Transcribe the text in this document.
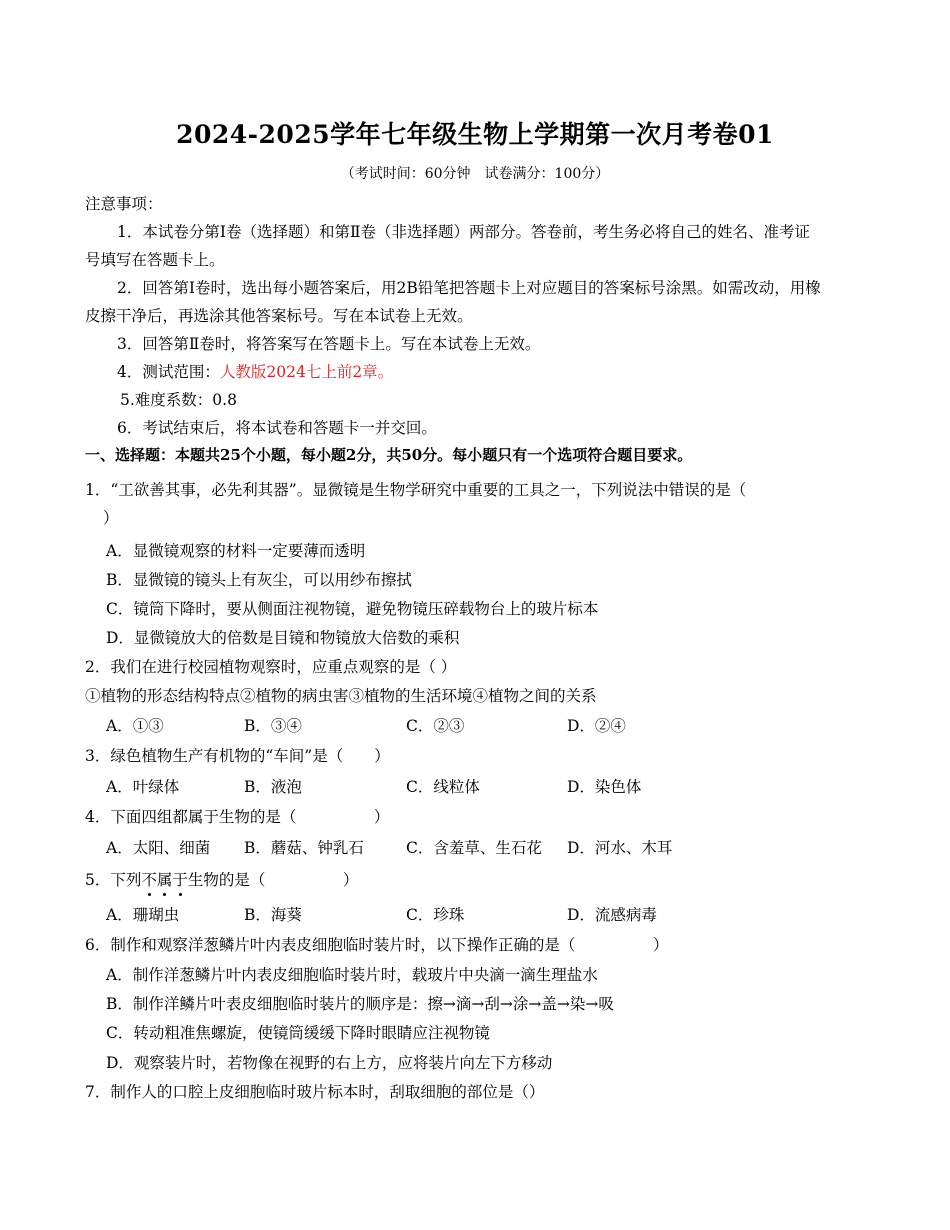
2024-2025学年七年级生物上学期第一次月考卷01
（考试时间：60分钟　试卷满分：100分）
注意事项：
1．本试卷分第Ⅰ卷（选择题）和第Ⅱ卷（非选择题）两部分。答卷前，考生务必将自己的姓名、准考证
号填写在答题卡上。
2．回答第Ⅰ卷时，选出每小题答案后，用2B铅笔把答题卡上对应题目的答案标号涂黑。如需改动，用橡
皮擦干净后，再选涂其他答案标号。写在本试卷上无效。
3．回答第Ⅱ卷时，将答案写在答题卡上。写在本试卷上无效。
4．测试范围：人教版2024七上前2章。
5.难度系数：0.8
6．考试结束后，将本试卷和答题卡一并交回。
一、选择题：本题共25个小题，每小题2分，共50分。每小题只有一个选项符合题目要求。
1．“工欲善其事，必先利其器”。显微镜是生物学研究中重要的工具之一，下列说法中错误的是（
）
A．显微镜观察的材料一定要薄而透明
B．显微镜的镜头上有灰尘，可以用纱布擦拭
C．镜筒下降时，要从侧面注视物镜，避免物镜压碎载物台上的玻片标本
D．显微镜放大的倍数是目镜和物镜放大倍数的乘积
2．我们在进行校园植物观察时，应重点观察的是（ ）
①植物的形态结构特点②植物的病虫害③植物的生活环境④植物之间的关系
A．①③	B．③④	C．②③	D．②④
3．绿色植物生产有机物的“车间”是（　　）
A．叶绿体	B．液泡	C．线粒体	D．染色体
4．下面四组都属于生物的是（　　　　　）
A．太阳、细菌 B．蘑菇、钟乳石	C．含羞草、生石花 D．河水、木耳
5．下列不属于生物的是（　　　　　）
A．珊瑚虫	B．海葵	C．珍珠	D．流感病毒
6．制作和观察洋葱鳞片叶内表皮细胞临时装片时，以下操作正确的是（　　　　　）
A．制作洋葱鳞片叶内表皮细胞临时装片时，载玻片中央滴一滴生理盐水
B．制作洋鳞片叶表皮细胞临时装片的顺序是：擦→滴→刮→涂→盖→染→吸
C．转动粗准焦螺旋，使镜筒缓缓下降时眼睛应注视物镜
D．观察装片时，若物像在视野的右上方，应将装片向左下方移动
7．制作人的口腔上皮细胞临时玻片标本时，刮取细胞的部位是（）
